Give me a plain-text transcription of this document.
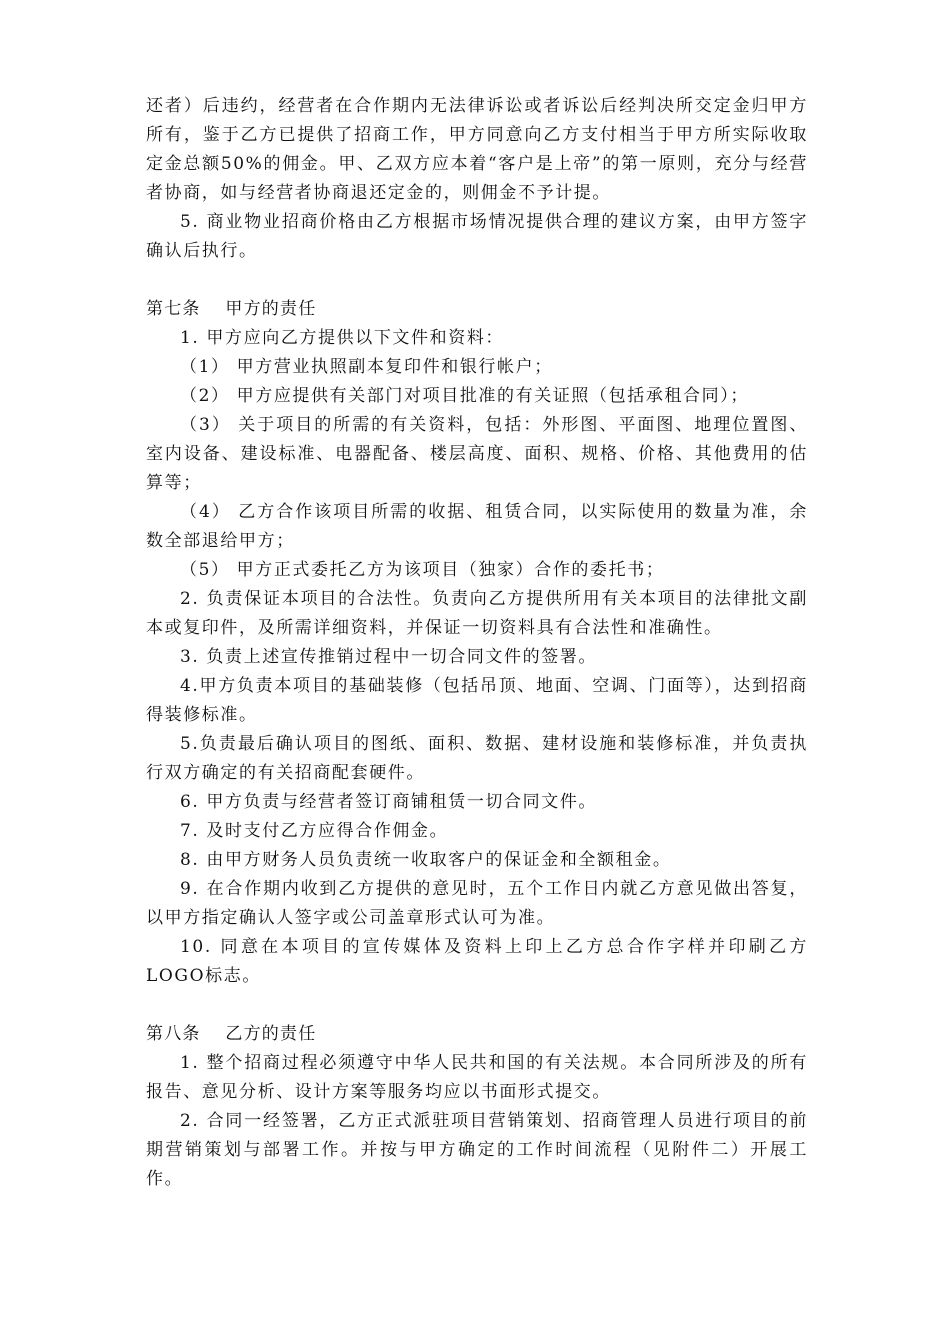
还者）后违约，经营者在合作期内无法律诉讼或者诉讼后经判决所交定金归甲方所有，鉴于乙方已提供了招商工作，甲方同意向乙方支付相当于甲方所实际收取定金总额50%的佣金。甲、乙双方应本着“客户是上帝”的第一原则，充分与经营者协商，如与经营者协商退还定金的，则佣金不予计提。

5. 商业物业招商价格由乙方根据市场情况提供合理的建议方案，由甲方签字确认后执行。

第七条　 甲方的责任

1. 甲方应向乙方提供以下文件和资料：

（1） 甲方营业执照副本复印件和银行帐户；

（2） 甲方应提供有关部门对项目批准的有关证照（包括承租合同）；

（3） 关于项目的所需的有关资料，包括：外形图、平面图、地理位置图、室内设备、建设标准、电器配备、楼层高度、面积、规格、价格、其他费用的估算等；

（4） 乙方合作该项目所需的收据、租赁合同，以实际使用的数量为准，余数全部退给甲方；

（5） 甲方正式委托乙方为该项目（独家）合作的委托书；

2. 负责保证本项目的合法性。负责向乙方提供所用有关本项目的法律批文副本或复印件，及所需详细资料，并保证一切资料具有合法性和准确性。

3. 负责上述宣传推销过程中一切合同文件的签署。

4.甲方负责本项目的基础装修（包括吊顶、地面、空调、门面等），达到招商得装修标准。

5.负责最后确认项目的图纸、面积、数据、建材设施和装修标准，并负责执行双方确定的有关招商配套硬件。

6. 甲方负责与经营者签订商铺租赁一切合同文件。

7. 及时支付乙方应得合作佣金。

8. 由甲方财务人员负责统一收取客户的保证金和全额租金。

9. 在合作期内收到乙方提供的意见时，五个工作日内就乙方意见做出答复，以甲方指定确认人签字或公司盖章形式认可为准。

10. 同意在本项目的宣传媒体及资料上印上乙方总合作字样并印刷乙方LOGO标志。

第八条　 乙方的责任

1. 整个招商过程必须遵守中华人民共和国的有关法规。本合同所涉及的所有报告、意见分析、设计方案等服务均应以书面形式提交。

2. 合同一经签署，乙方正式派驻项目营销策划、招商管理人员进行项目的前期营销策划与部署工作。并按与甲方确定的工作时间流程（见附件二）开展工作。
